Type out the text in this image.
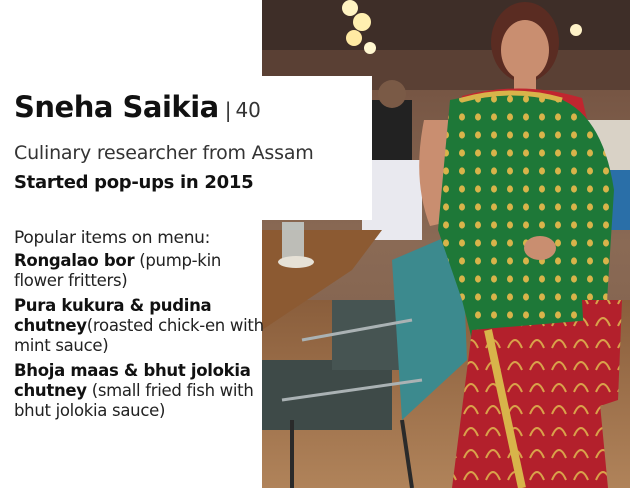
Sneha Saikia | 40
Culinary researcher from Assam
Started pop-ups in 2015
Popular items on menu:
Rongalao bor (pump-kin flower fritters)
Pura kukura & pudina chutney(roasted chick-en with mint sauce)
Bhoja maas & bhut jolokia chutney (small fried fish with bhut jolokia sauce)
